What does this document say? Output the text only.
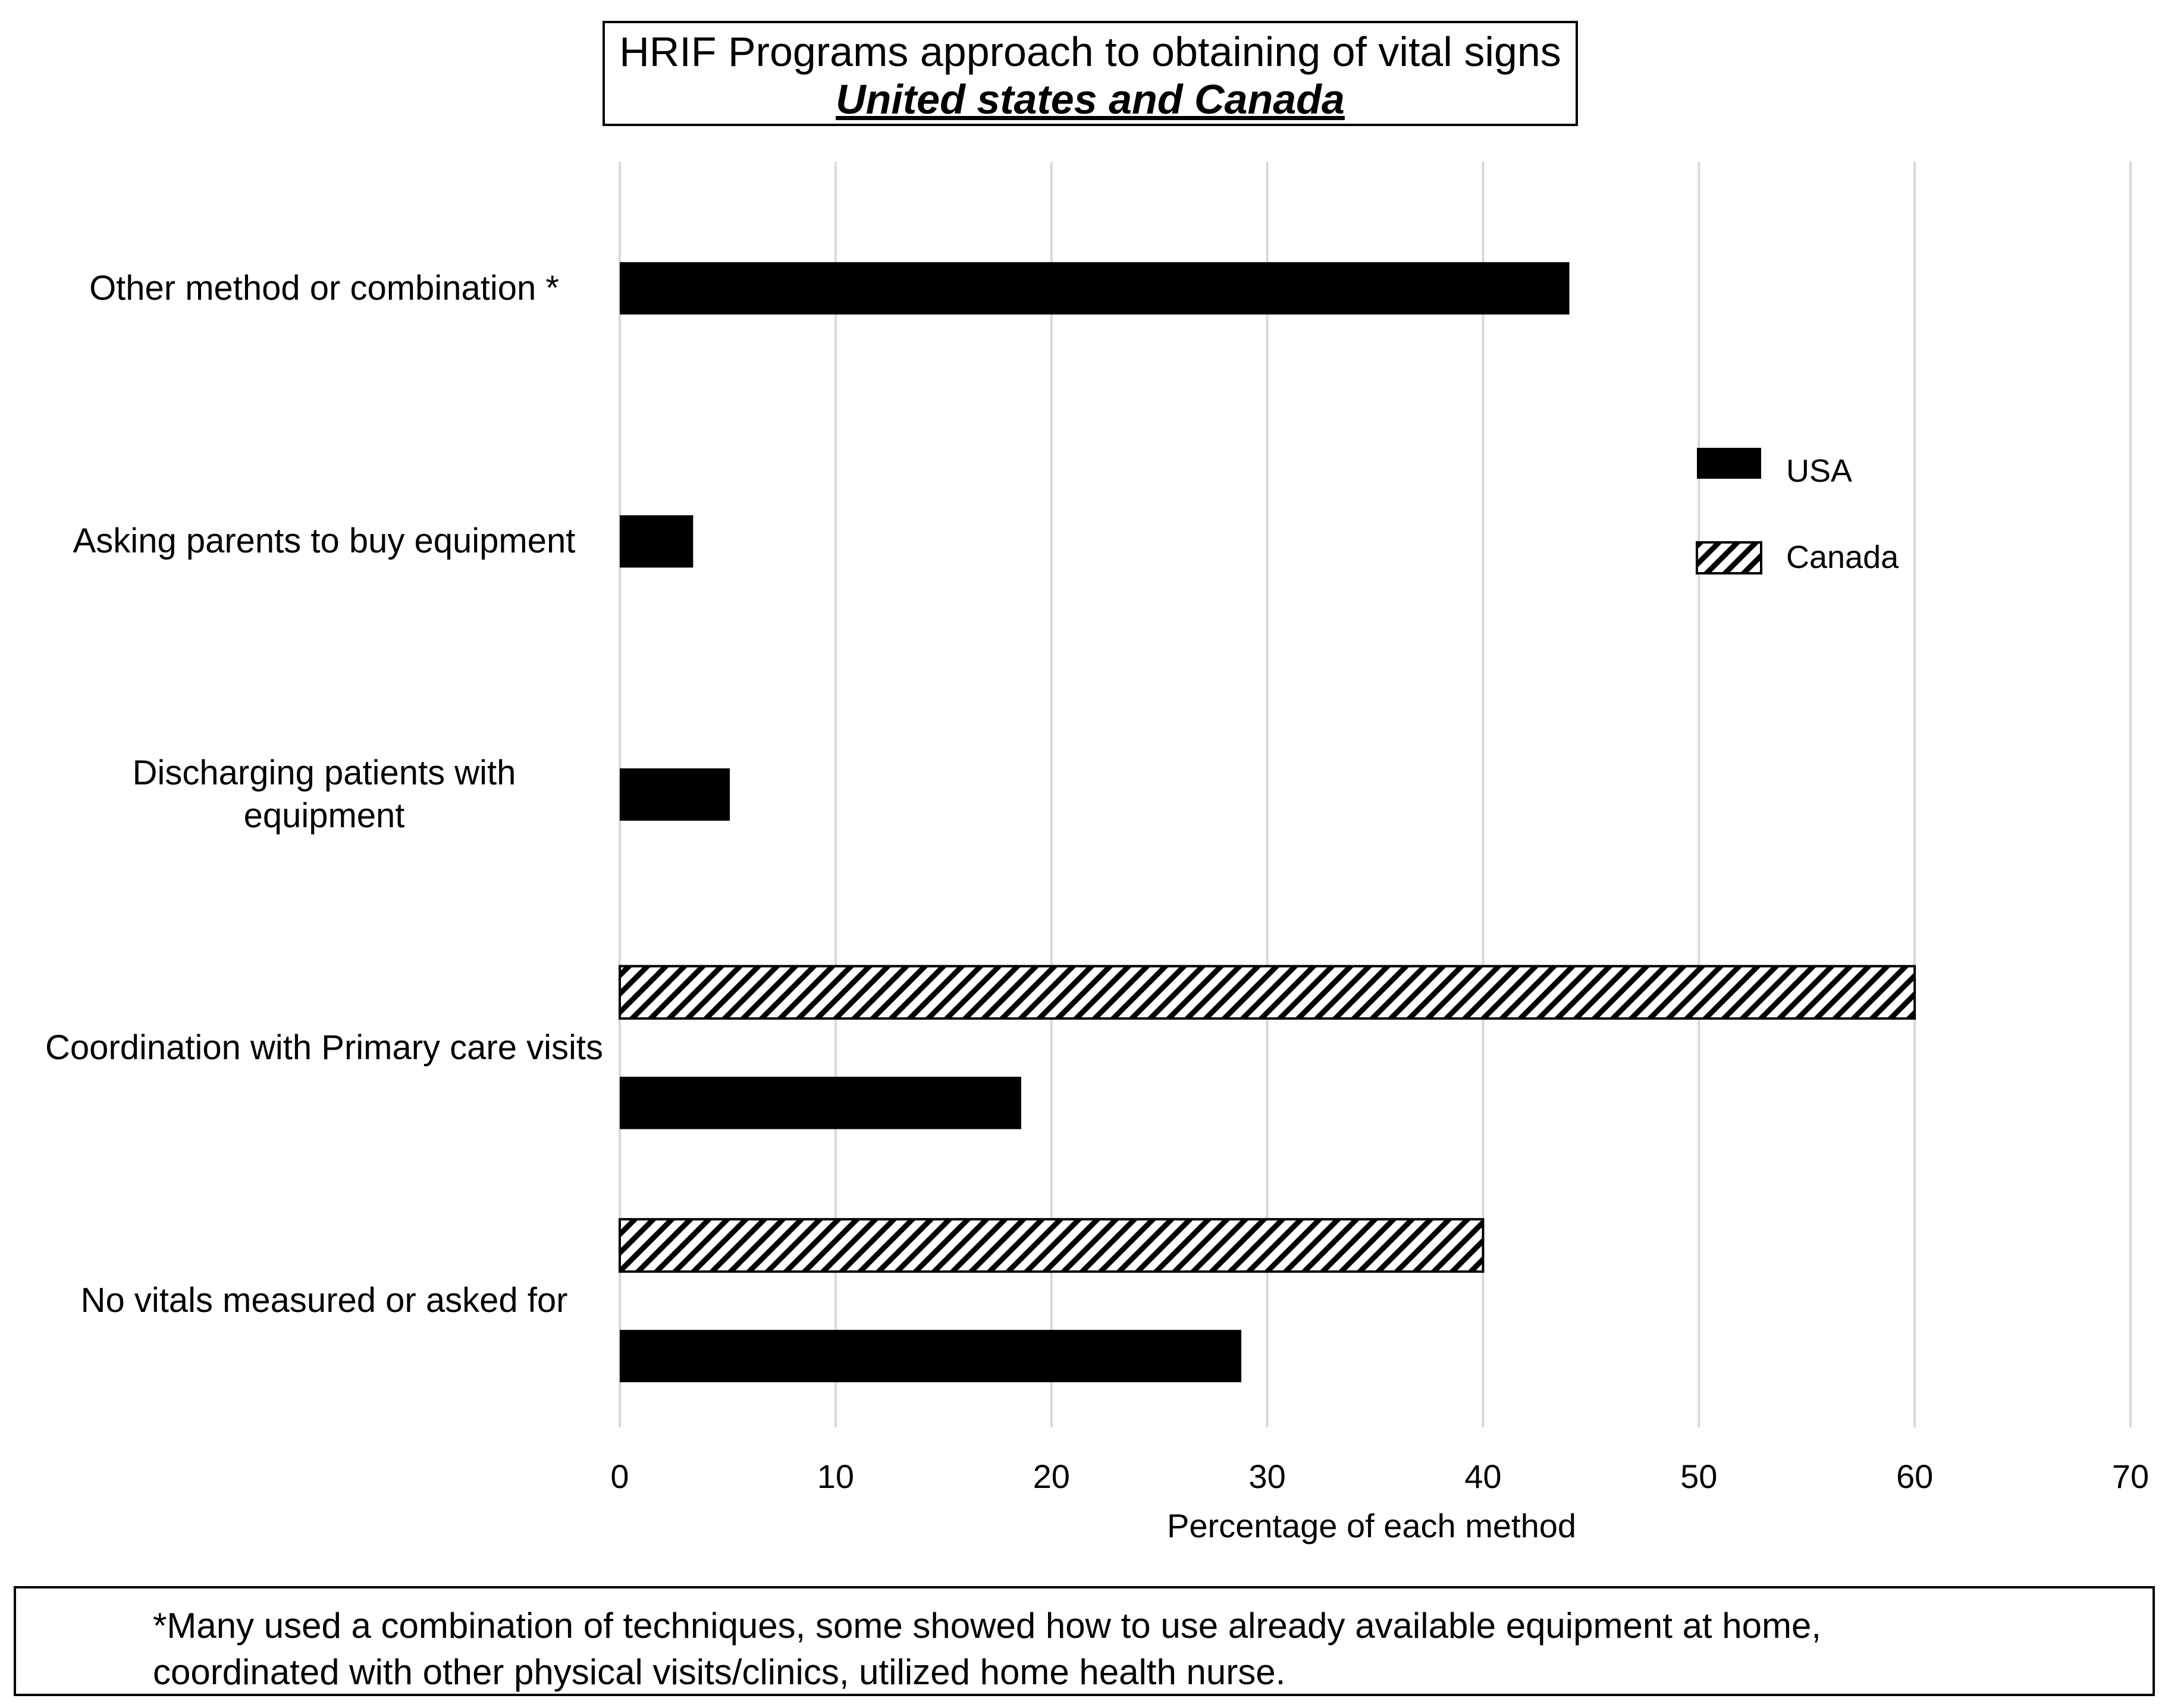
0	10	20	30	40	50	60	70
Percentage of each method
USA
Canada
HRIF Programs approach to obtaining of vital signs
United states and Canada
Other method or combination *
Asking parents to buy equipment
Discharging patients with
equipment
Coordination with Primary care visits
No vitals measured or asked for
*Many used a combination of techniques, some showed how to use already available equipment at home,
coordinated with other physical visits/clinics, utilized home health nurse.
